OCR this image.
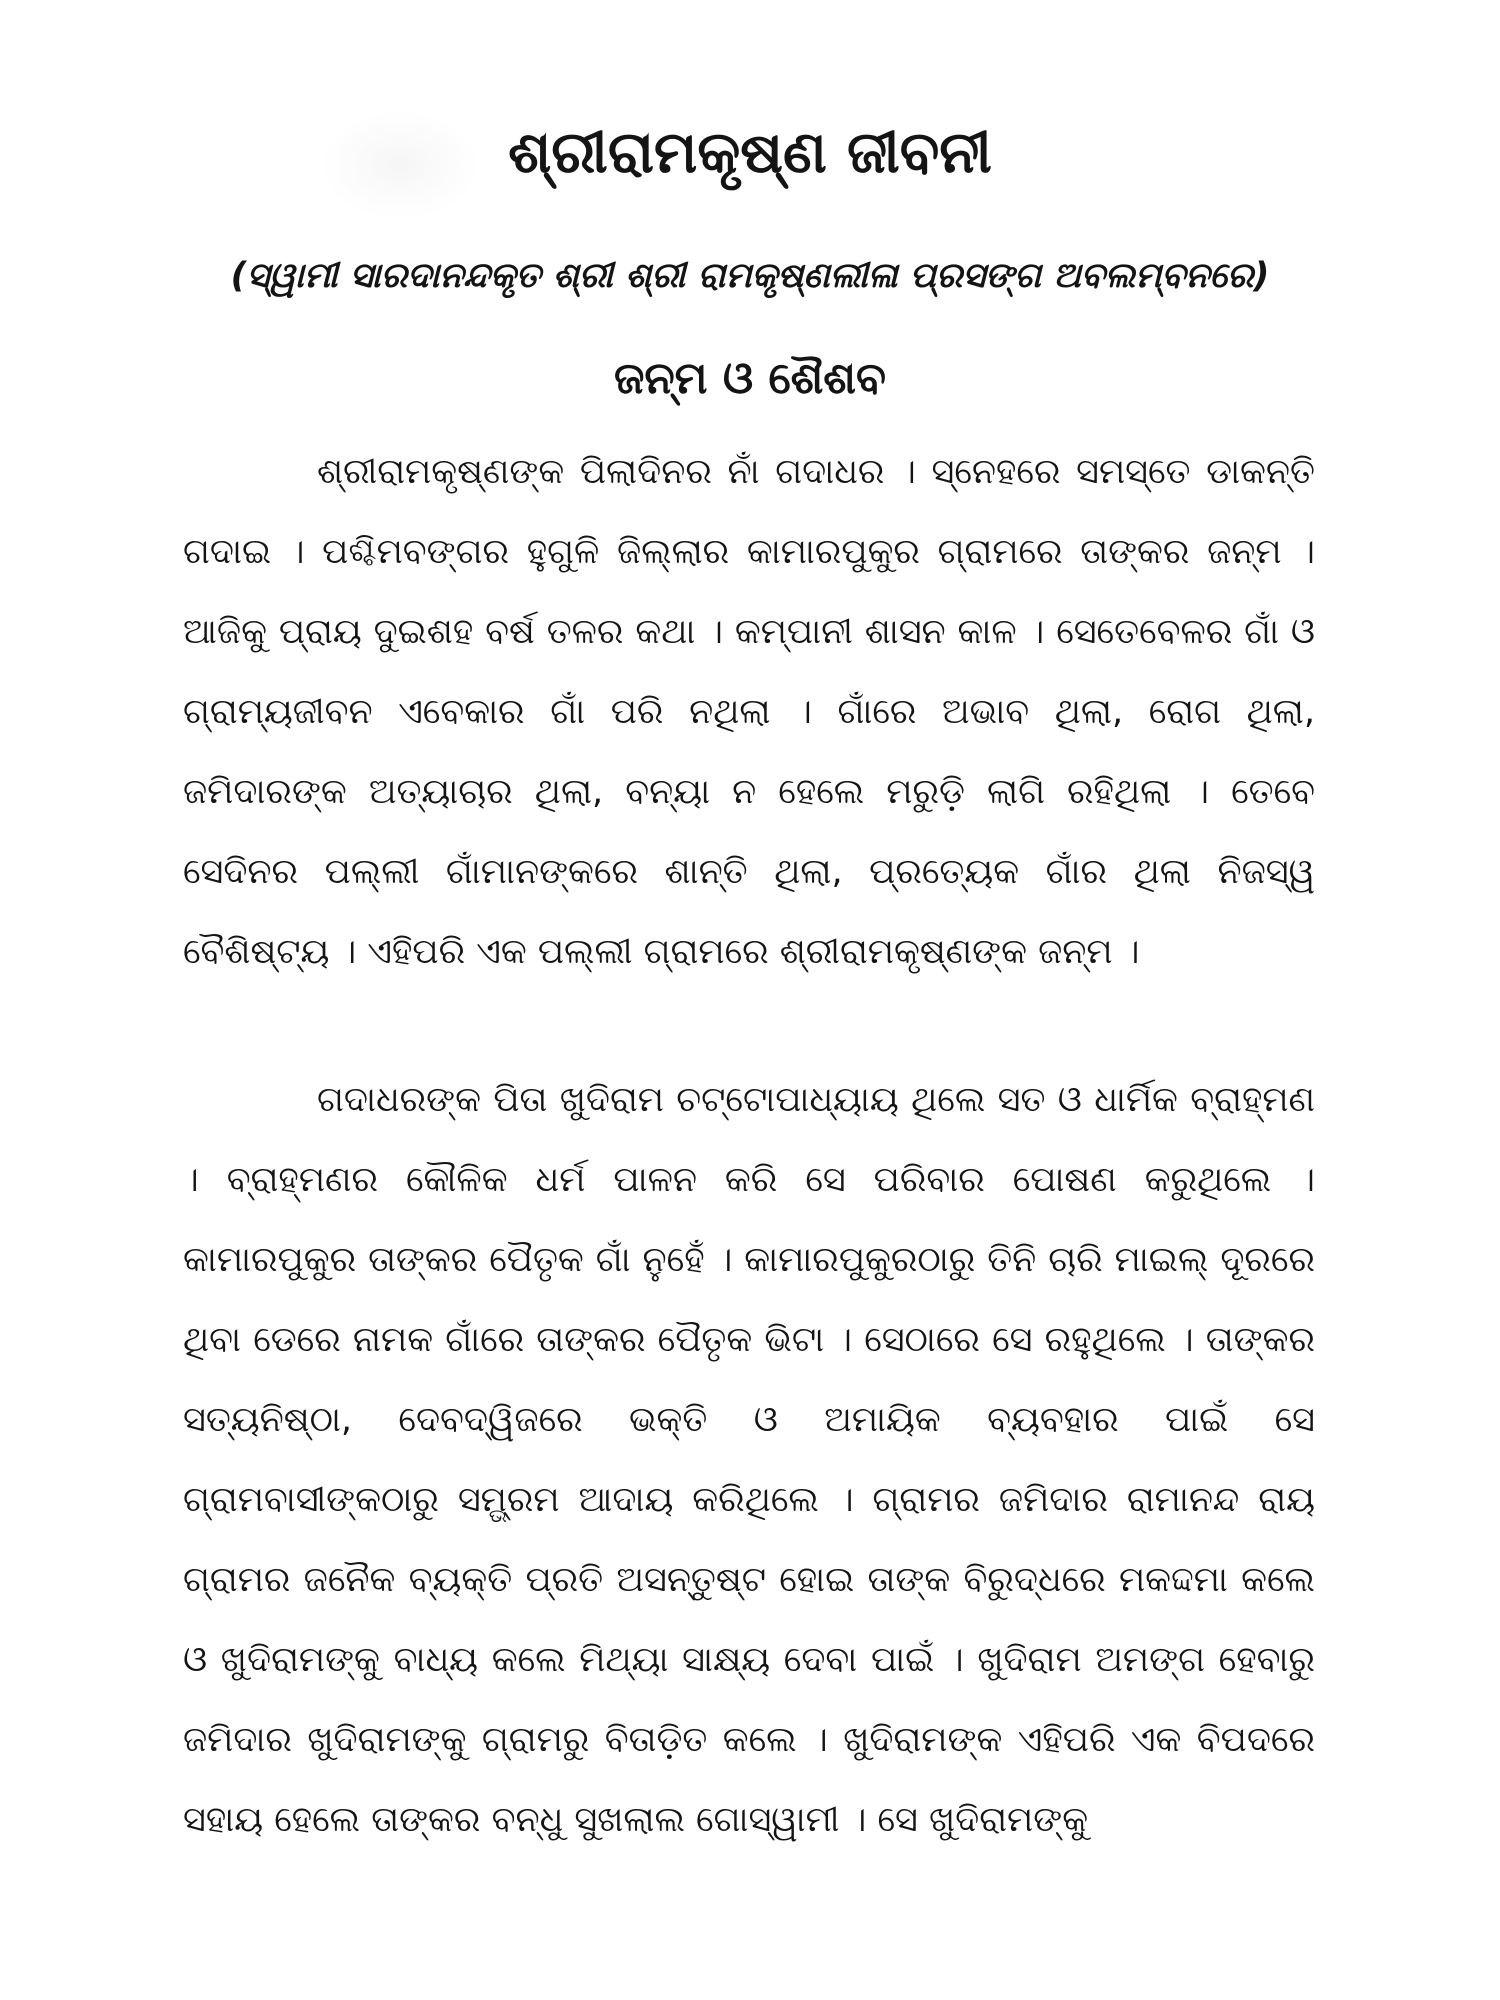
ଶ୍ରୀରାମକୃଷ୍ଣ ଜୀବନୀ
(ସ୍ୱାମୀ ସାରଦାନନ୍ଦକୃତ ଶ୍ରୀ ଶ୍ରୀ ରାମକୃଷ୍ଣଲୀଳା ପ୍ରସଙ୍ଗ ଅବଲମ୍ବନରେ)
ଜନ୍ମ ଓ ଶୈଶବ

ଶ୍ରୀରାମକୃଷ୍ଣଙ୍କ ପିଲାଦିନର ନାଁ ଗଦାଧର । ସ୍ନେହରେ ସମସ୍ତେ ଡାକନ୍ତି ଗଦାଇ । ପଶ୍ଚିମବଙ୍ଗର ହୁଗୁଳି ଜିଲ୍ଲାର କାମାରପୁକୁର ଗ୍ରାମରେ ତାଙ୍କର ଜନ୍ମ । ଆଜିକୁ ପ୍ରାୟ ଦୁଇଶହ ବର୍ଷ ତଳର କଥା । କମ୍ପାନୀ ଶାସନ କାଳ । ସେତେବେଳର ଗାଁ ଓ ଗ୍ରାମ୍ୟଜୀବନ ଏବେକାର ଗାଁ ପରି ନଥିଲା । ଗାଁରେ ଅଭାବ ଥିଲା, ରୋଗ ଥିଲା, ଜମିଦାରଙ୍କ ଅତ୍ୟାଚାର ଥିଲା, ବନ୍ୟା ନ ହେଲେ ମରୁଡ଼ି ଲାଗି ରହିଥିଲା । ତେବେ ସେଦିନର ପଲ୍ଲୀ ଗାଁମାନଙ୍କରେ ଶାନ୍ତି ଥିଲା, ପ୍ରତ୍ୟେକ ଗାଁର ଥିଲା ନିଜସ୍ୱ ବୈଶିଷ୍ଟ୍ୟ । ଏହିପରି ଏକ ପଲ୍ଲୀ ଗ୍ରାମରେ ଶ୍ରୀରାମକୃଷ୍ଣଙ୍କ ଜନ୍ମ ।

ଗଦାଧରଙ୍କ ପିତା ଖୁଦିରାମ ଚଟ୍ଟୋପାଧ୍ୟାୟ ଥିଲେ ସତ ଓ ଧାର୍ମିକ ବ୍ରାହ୍ମଣ । ବ୍ରାହ୍ମଣର କୌଳିକ ଧର୍ମ ପାଳନ କରି ସେ ପରିବାର ପୋଷଣ କରୁଥିଲେ । କାମାରପୁକୁର ତାଙ୍କର ପୈତୃକ ଗାଁ ନୁହେଁ । କାମାରପୁକୁରଠାରୁ ତିନି ଚାରି ମାଇଲ୍ ଦୂରରେ ଥିବା ଡେରେ ନାମକ ଗାଁରେ ତାଙ୍କର ପୈତୃକ ଭିଟା । ସେଠାରେ ସେ ରହୁଥିଲେ । ତାଙ୍କର ସତ୍ୟନିଷ୍ଠା, ଦେବଦ୍ୱିଜରେ ଭକ୍ତି ଓ ଅମାୟିକ ବ୍ୟବହାର ପାଇଁ ସେ ଗ୍ରାମବାସୀଙ୍କଠାରୁ ସମ୍ଭ୍ରମ ଆଦାୟ କରିଥିଲେ । ଗ୍ରାମର ଜମିଦାର ରାମାନନ୍ଦ ରାୟ ଗ୍ରାମର ଜନୈକ ବ୍ୟକ୍ତି ପ୍ରତି ଅସନ୍ତୁଷ୍ଟ ହୋଇ ତାଙ୍କ ବିରୁଦ୍ଧରେ ମକଦ୍ଦମା କଲେ ଓ ଖୁଦିରାମଙ୍କୁ ବାଧ୍ୟ କଲେ ମିଥ୍ୟା ସାକ୍ଷ୍ୟ ଦେବା ପାଇଁ । ଖୁଦିରାମ ଅମଙ୍ଗ ହେବାରୁ ଜମିଦାର ଖୁଦିରାମଙ୍କୁ ଗ୍ରାମରୁ ବିତାଡ଼ିତ କଲେ । ଖୁଦିରାମଙ୍କ ଏହିପରି ଏକ ବିପଦରେ ସହାୟ ହେଲେ ତାଙ୍କର ବନ୍ଧୁ ସୁଖଲାଲ ଗୋସ୍ୱାମୀ । ସେ ଖୁଦିରାମଙ୍କୁ
